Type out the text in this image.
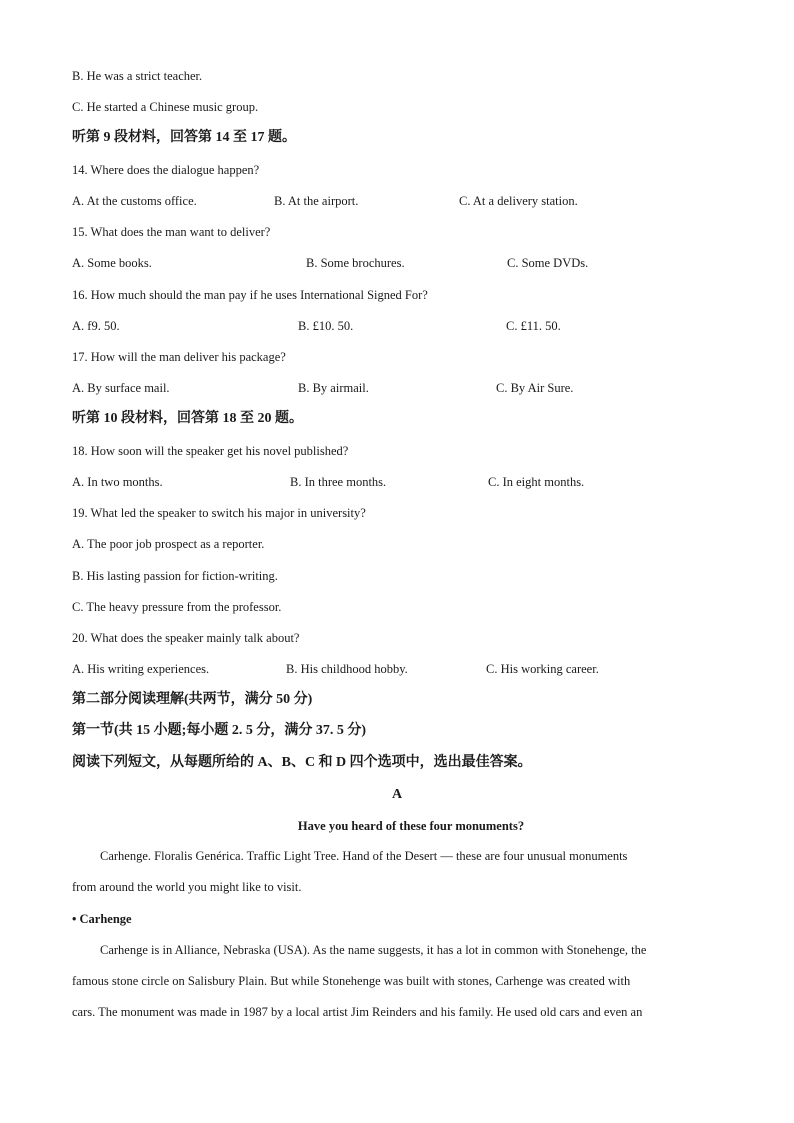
B. He was a strict teacher.

C. He started a Chinese music group.

听第 9 段材料，回答第 14 至 17 题。

14. Where does the dialogue happen?

A. At the customs office.	B. At the airport.	C. At a delivery station.

15. What does the man want to deliver?

A. Some books.	B. Some brochures.	C. Some DVDs.

16. How much should the man pay if he uses International Signed For?

A. f9. 50.	B. £10. 50.	C. £11. 50.

17. How will the man deliver his package?

A. By surface mail.	B. By airmail.	C. By Air Sure.

听第 10 段材料，回答第 18 至 20 题。

18. How soon will the speaker get his novel published?

A. In two months.	B. In three months.	C. In eight months.

19. What led the speaker to switch his major in university?

A. The poor job prospect as a reporter.

B. His lasting passion for fiction-writing.

C. The heavy pressure from the professor.

20. What does the speaker mainly talk about?

A. His writing experiences.	B. His childhood hobby.	C. His working career.

第二部分阅读理解(共两节，满分 50 分)

第一节(共 15 小题;每小题 2. 5 分，满分 37. 5 分)

阅读下列短文，从每题所给的 A、B、C 和 D 四个选项中，选出最佳答案。

A

Have you heard of these four monuments?

Carhenge. Floralis Genérica. Traffic Light Tree. Hand of the Desert — these are four unusual monuments

from around the world you might like to visit.

• Carhenge

Carhenge is in Alliance, Nebraska (USA). As the name suggests, it has a lot in common with Stonehenge, the

famous stone circle on Salisbury Plain. But while Stonehenge was built with stones, Carhenge was created with

cars. The monument was made in 1987 by a local artist Jim Reinders and his family. He used old cars and even an
